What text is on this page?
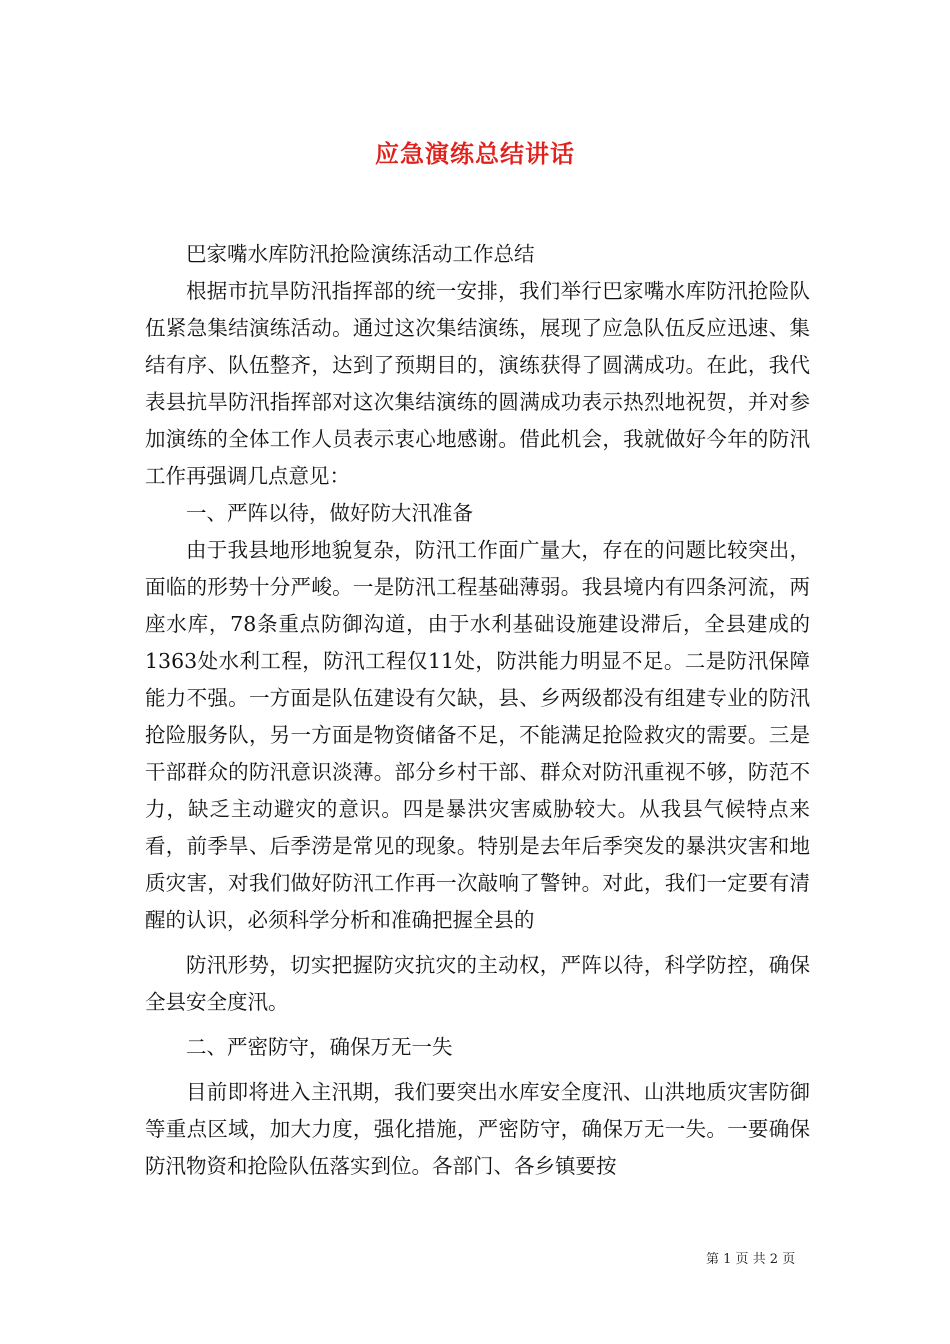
应急演练总结讲话

巴家嘴水库防汛抢险演练活动工作总结

根据市抗旱防汛指挥部的统一安排，我们举行巴家嘴水库防汛抢险队伍紧急集结演练活动。通过这次集结演练，展现了应急队伍反应迅速、集结有序、队伍整齐，达到了预期目的，演练获得了圆满成功。在此，我代表县抗旱防汛指挥部对这次集结演练的圆满成功表示热烈地祝贺，并对参加演练的全体工作人员表示衷心地感谢。借此机会，我就做好今年的防汛工作再强调几点意见：

一、严阵以待，做好防大汛准备

由于我县地形地貌复杂，防汛工作面广量大，存在的问题比较突出，面临的形势十分严峻。一是防汛工程基础薄弱。我县境内有四条河流，两座水库，78条重点防御沟道，由于水利基础设施建设滞后，全县建成的1363处水利工程，防汛工程仅11处，防洪能力明显不足。二是防汛保障能力不强。一方面是队伍建设有欠缺，县、乡两级都没有组建专业的防汛抢险服务队，另一方面是物资储备不足，不能满足抢险救灾的需要。三是干部群众的防汛意识淡薄。部分乡村干部、群众对防汛重视不够，防范不力，缺乏主动避灾的意识。四是暴洪灾害威胁较大。从我县气候特点来看，前季旱、后季涝是常见的现象。特别是去年后季突发的暴洪灾害和地质灾害，对我们做好防汛工作再一次敲响了警钟。对此，我们一定要有清醒的认识，必须科学分析和准确把握全县的

防汛形势，切实把握防灾抗灾的主动权，严阵以待，科学防控，确保全县安全度汛。

二、严密防守，确保万无一失

目前即将进入主汛期，我们要突出水库安全度汛、山洪地质灾害防御等重点区域，加大力度，强化措施，严密防守，确保万无一失。一要确保防汛物资和抢险队伍落实到位。各部门、各乡镇要按

第 1 页 共 2 页
